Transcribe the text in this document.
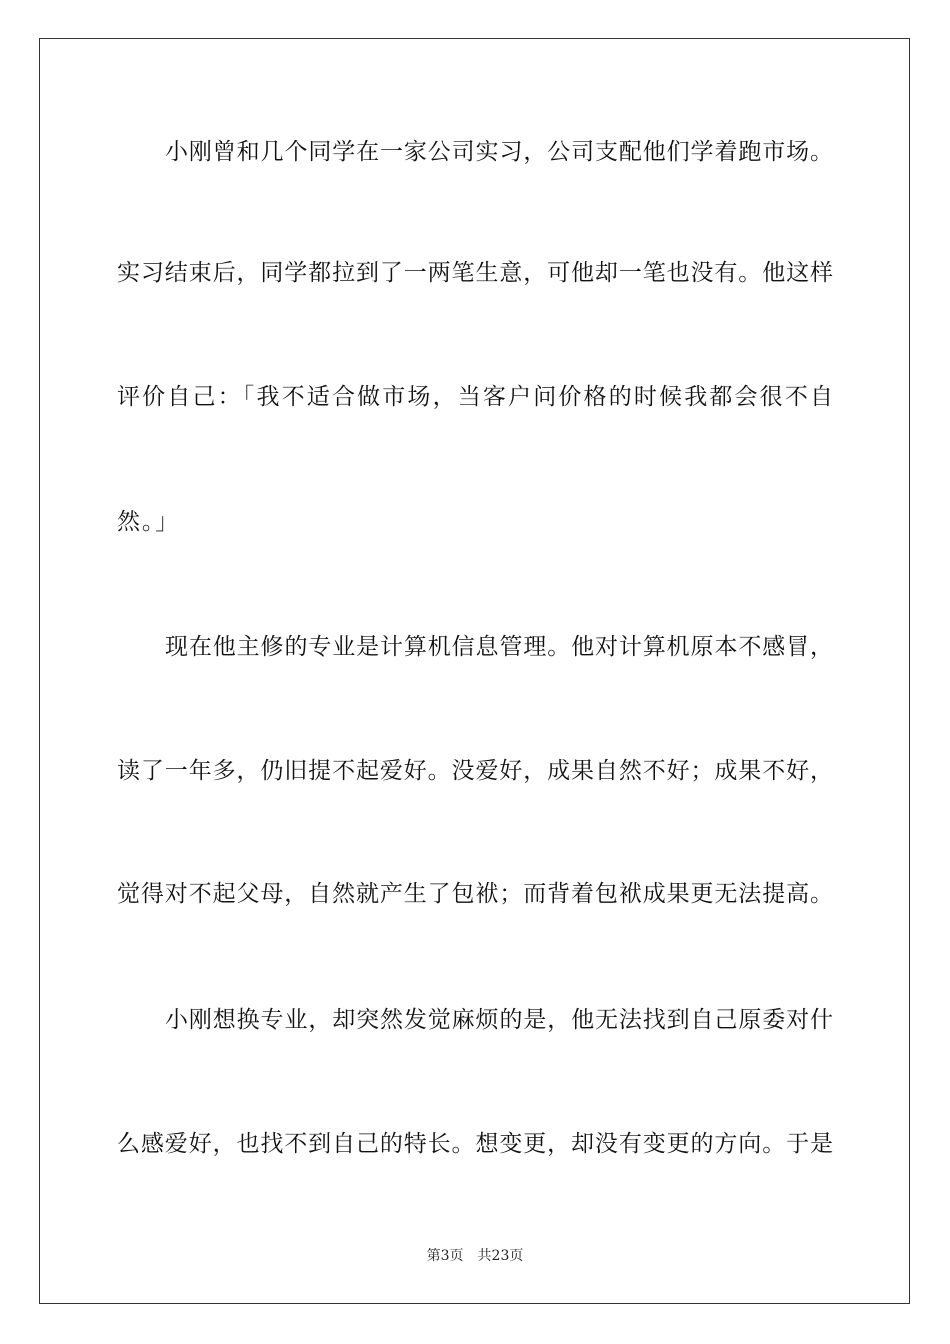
小刚曾和几个同学在一家公司实习，公司支配他们学着跑市场。
实习结束后，同学都拉到了一两笔生意，可他却一笔也没有。他这样
评价自己：「我不适合做市场，当客户问价格的时候我都会很不自
然。」
现在他主修的专业是计算机信息管理。他对计算机原本不感冒，
读了一年多，仍旧提不起爱好。没爱好，成果自然不好；成果不好，
觉得对不起父母，自然就产生了包袱；而背着包袱成果更无法提高。
小刚想换专业，却突然发觉麻烦的是，他无法找到自己原委对什
么感爱好，也找不到自己的特长。想变更，却没有变更的方向。于是
第3页 共23页
